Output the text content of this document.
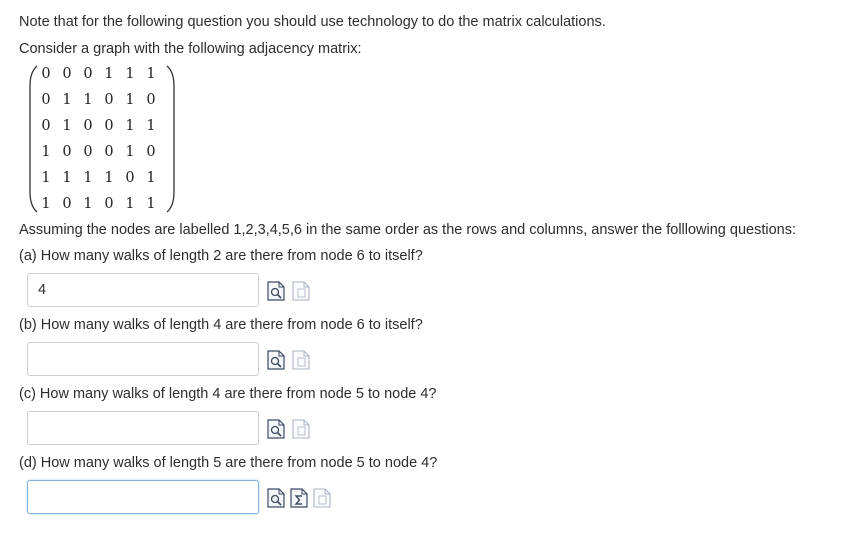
Note that for the following question you should use technology to do the matrix calculations.
Consider a graph with the following adjacency matrix:
0 0 0 1 1 1
0 1 1 0 1 0
0 1 0 0 1 1
1 0 0 0 1 0
1 1 1 1 0 1
1 0 1 0 1 1
Assuming the nodes are labelled 1,2,3,4,5,6 in the same order as the rows and columns, answer the folllowing questions:
(a) How many walks of length 2 are there from node 6 to itself?
4
(b) How many walks of length 4 are there from node 6 to itself?
(c) How many walks of length 4 are there from node 5 to node 4?
(d) How many walks of length 5 are there from node 5 to node 4?
